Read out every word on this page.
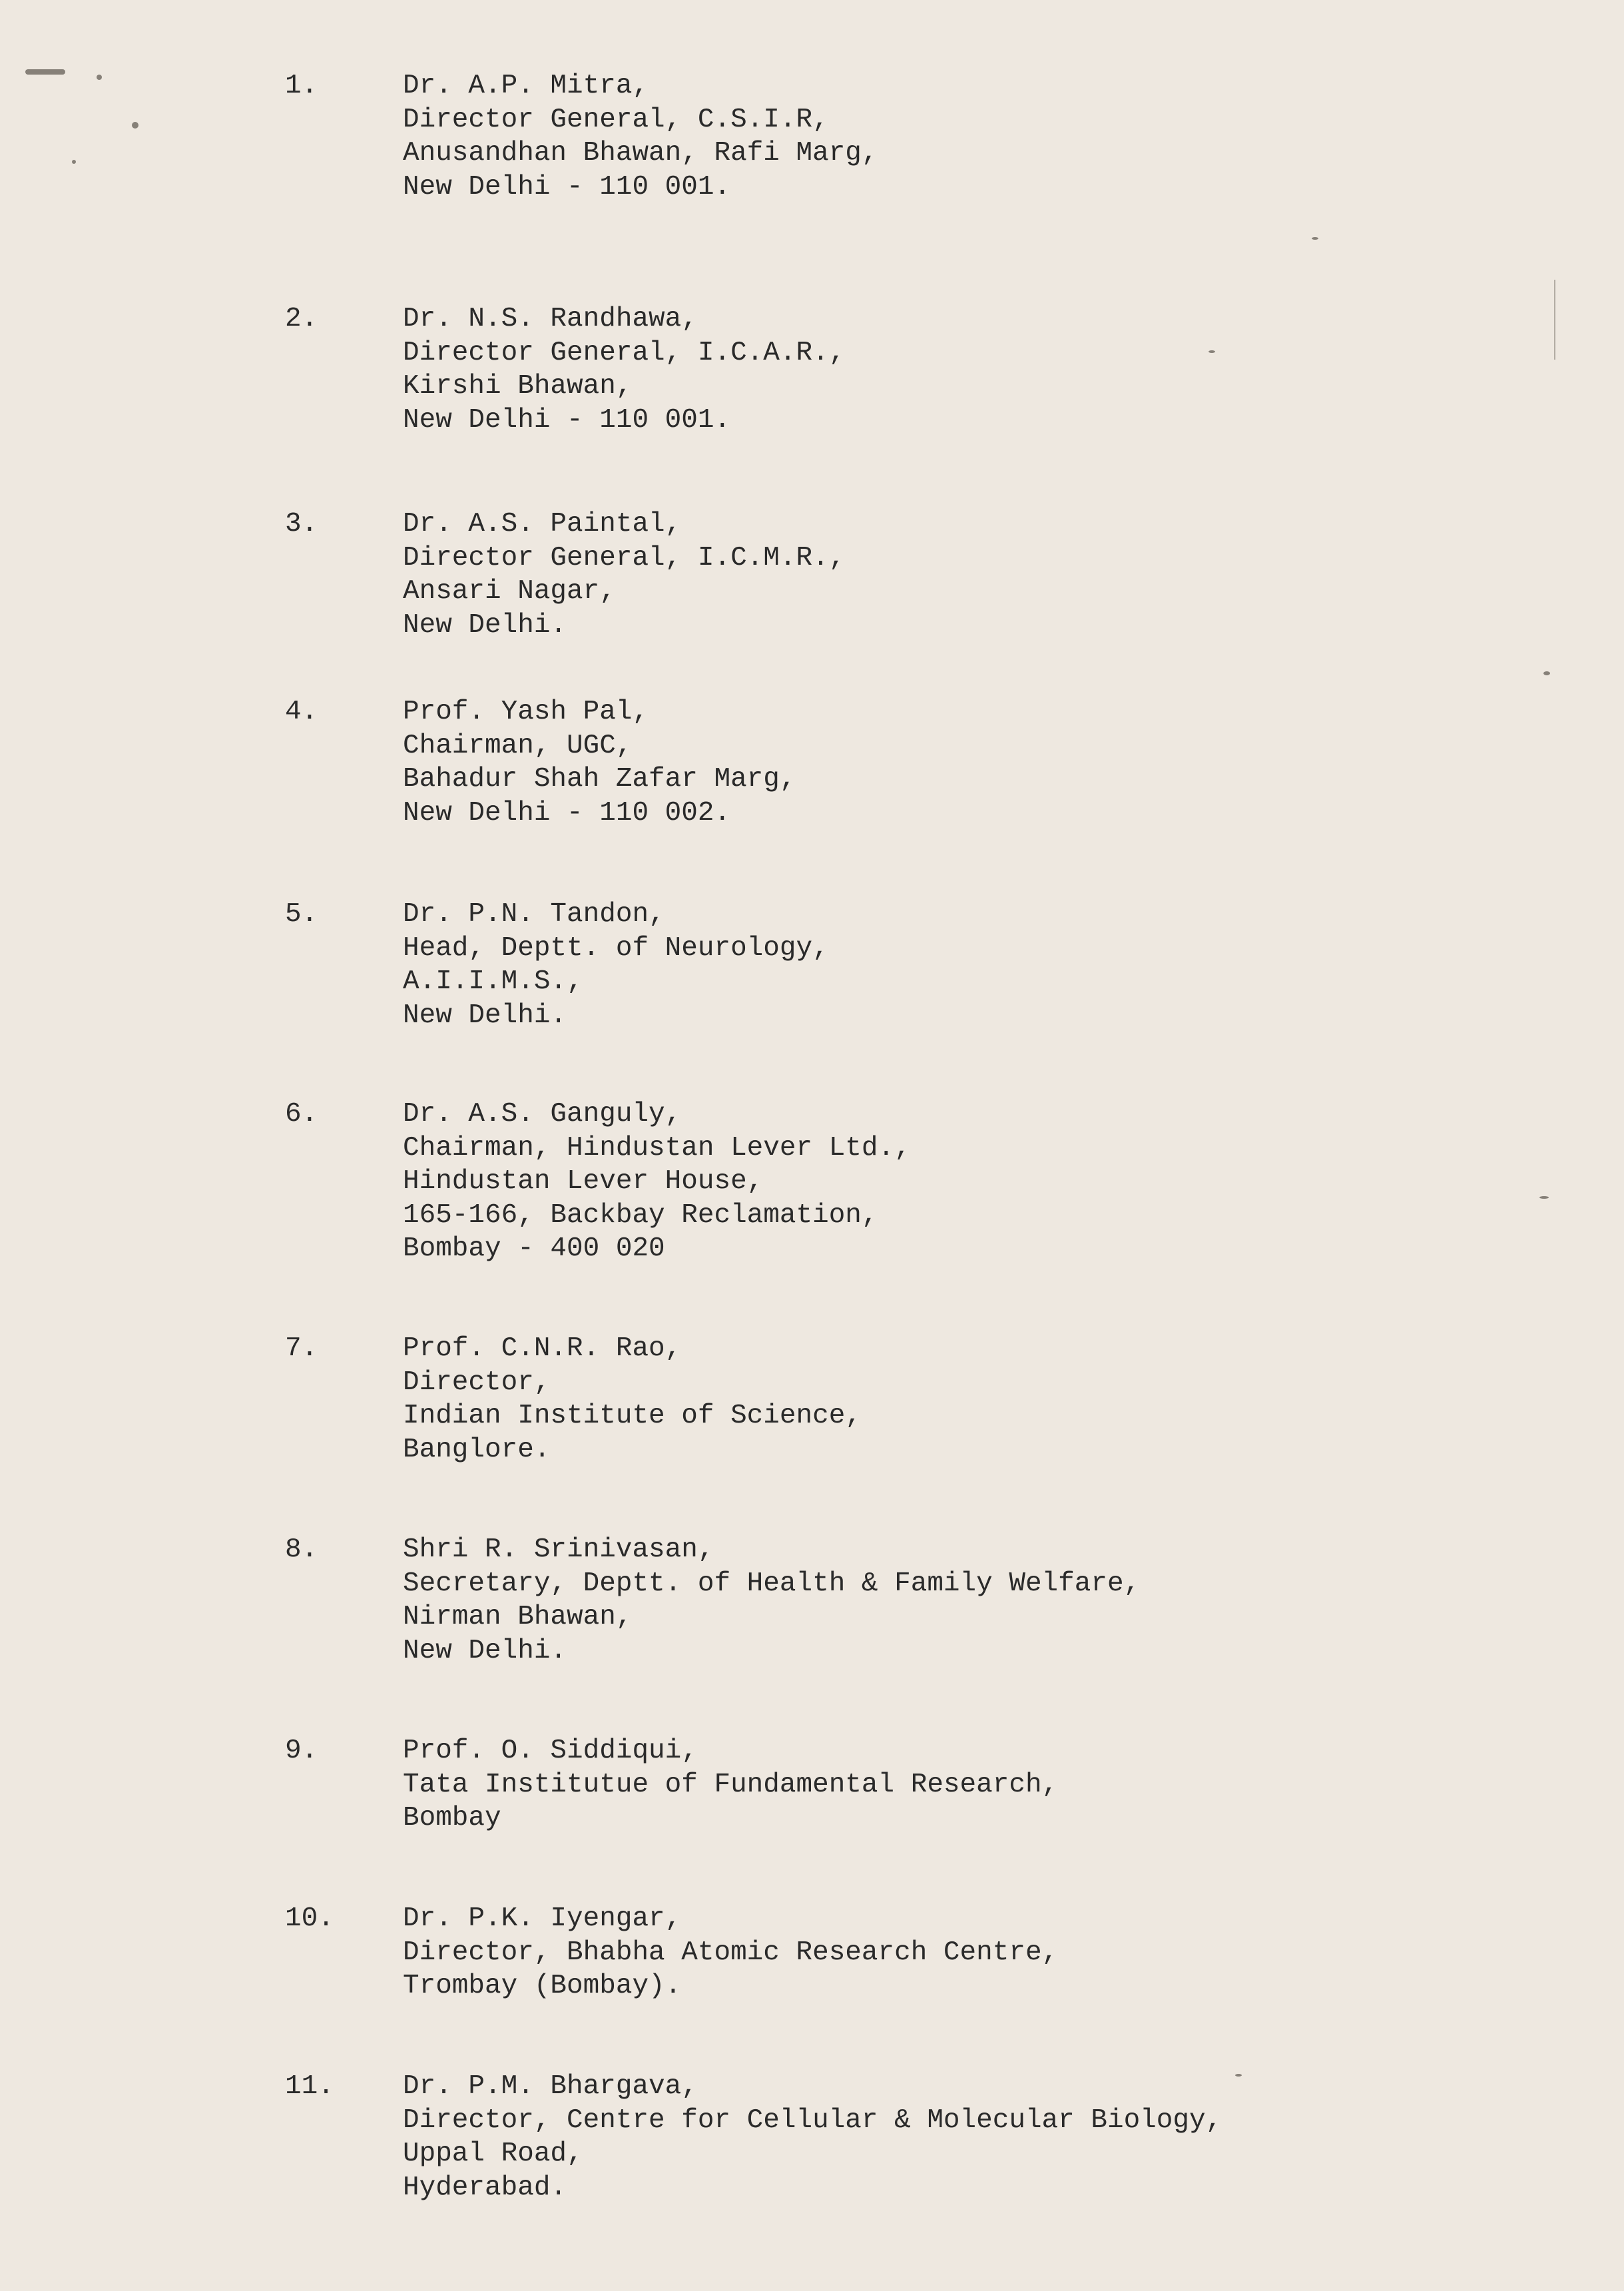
1.	Dr. A.P. Mitra,
Director General, C.S.I.R,
Anusandhan Bhawan, Rafi Marg,
New Delhi - 110 001.
2.	Dr. N.S. Randhawa,
Director General, I.C.A.R.,
Kirshi Bhawan,
New Delhi - 110 001.
3.	Dr. A.S. Paintal,
Director General, I.C.M.R.,
Ansari Nagar,
New Delhi.
4.	Prof. Yash Pal,
Chairman, UGC,
Bahadur Shah Zafar Marg,
New Delhi - 110 002.
5.	Dr. P.N. Tandon,
Head, Deptt. of Neurology,
A.I.I.M.S.,
New Delhi.
6.	Dr. A.S. Ganguly,
Chairman, Hindustan Lever Ltd.,
Hindustan Lever House,
165-166, Backbay Reclamation,
Bombay - 400 020
7.	Prof. C.N.R. Rao,
Director,
Indian Institute of Science,
Banglore.
8.	Shri R. Srinivasan,
Secretary, Deptt. of Health & Family Welfare,
Nirman Bhawan,
New Delhi.
9.	Prof. O. Siddiqui,
Tata Institutue of Fundamental Research,
Bombay
10.	Dr. P.K. Iyengar,
Director, Bhabha Atomic Research Centre,
Trombay (Bombay).
11.	Dr. P.M. Bhargava,
Director, Centre for Cellular & Molecular Biology,
Uppal Road,
Hyderabad.
